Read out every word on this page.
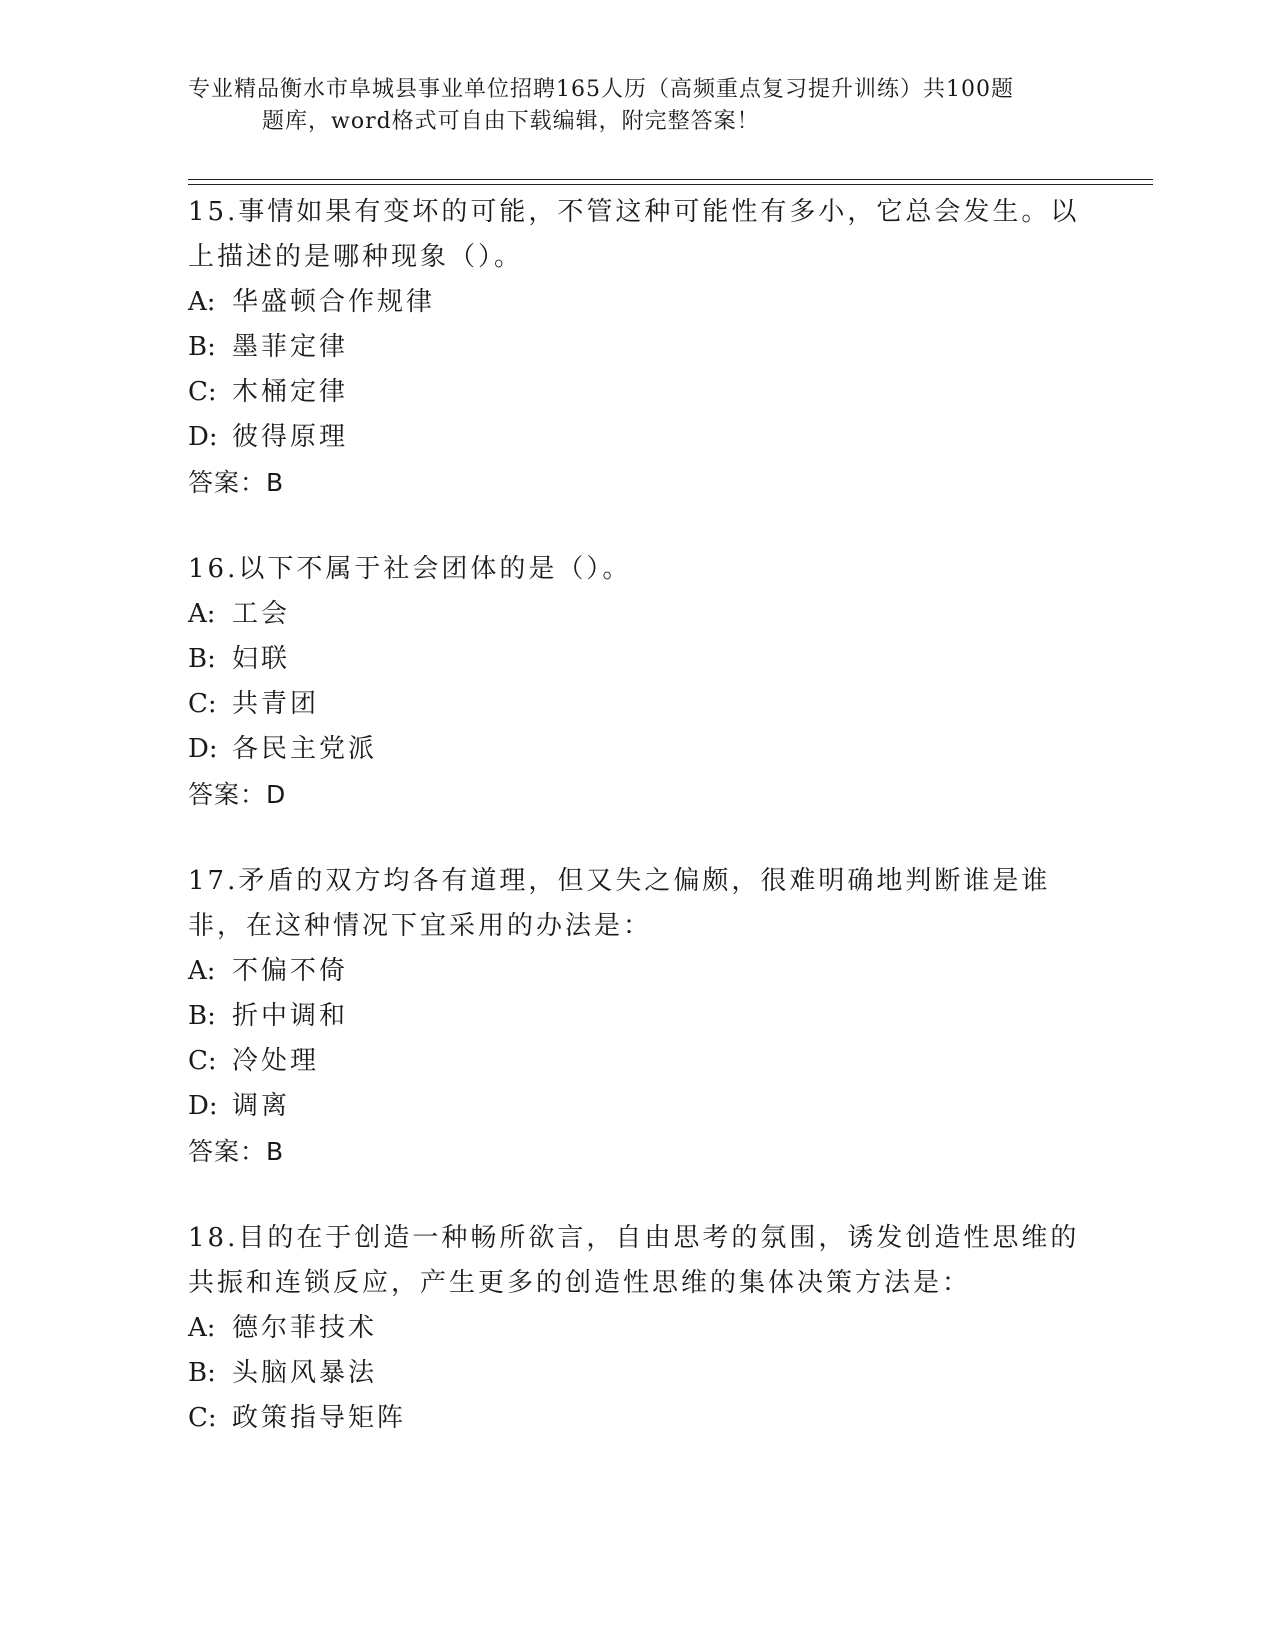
专业精品衡水市阜城县事业单位招聘165人历（高频重点复习提升训练）共100题
题库，word格式可自由下载编辑，附完整答案！

15.事情如果有变坏的可能，不管这种可能性有多小，它总会发生。以上描述的是哪种现象（）。

A: 华盛顿合作规律
B: 墨菲定律
C: 木桶定律
D: 彼得原理

答案：B

16.以下不属于社会团体的是（）。

A: 工会
B: 妇联
C: 共青团
D: 各民主党派

答案：D

17.矛盾的双方均各有道理，但又失之偏颇，很难明确地判断谁是谁非，在这种情况下宜采用的办法是：

A: 不偏不倚
B: 折中调和
C: 冷处理
D: 调离

答案：B

18.目的在于创造一种畅所欲言，自由思考的氛围，诱发创造性思维的共振和连锁反应，产生更多的创造性思维的集体决策方法是：

A: 德尔菲技术
B: 头脑风暴法
C: 政策指导矩阵
